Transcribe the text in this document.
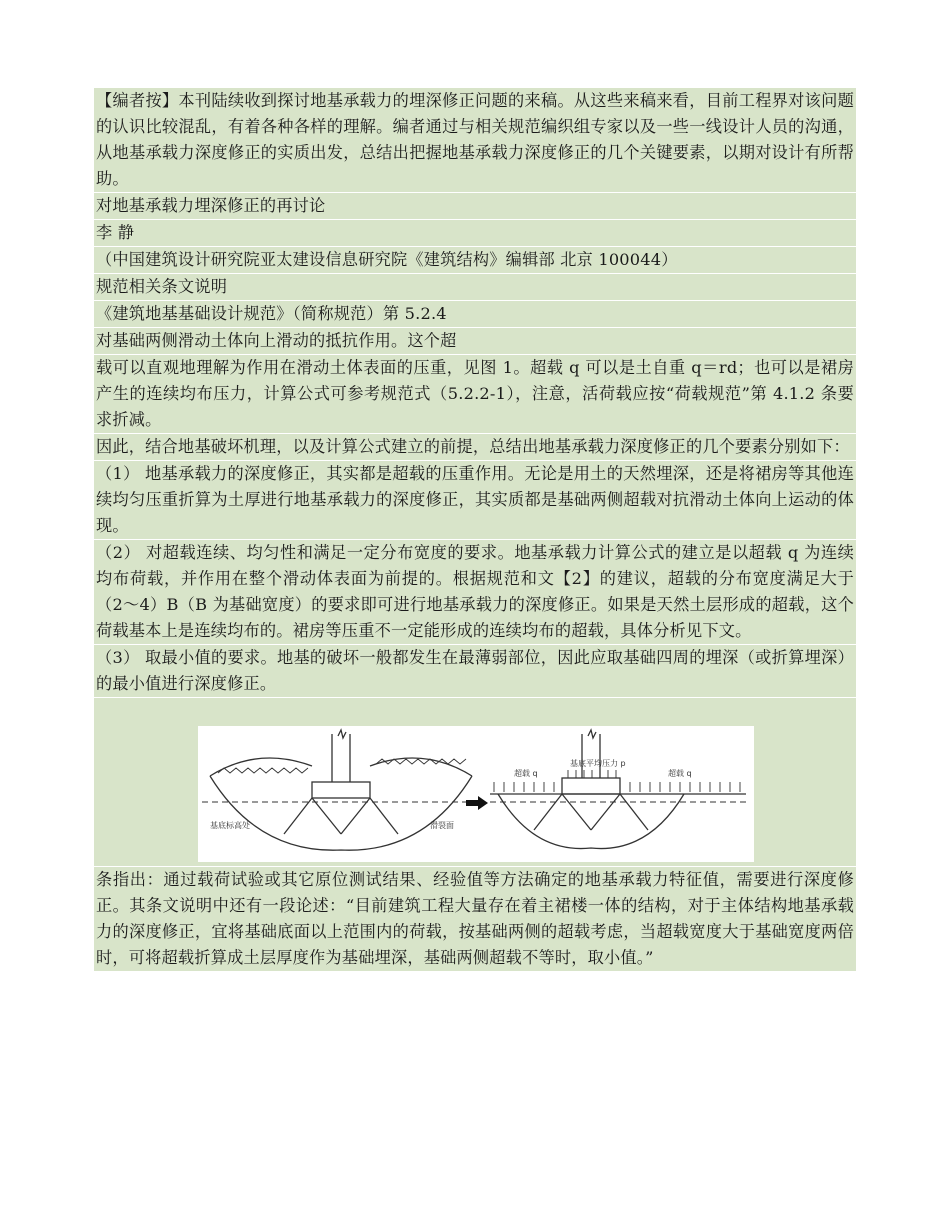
【编者按】本刊陆续收到探讨地基承载力的埋深修正问题的来稿。从这些来稿来看，目前工程界对该问题的认识比较混乱，有着各种各样的理解。编者通过与相关规范编织组专家以及一些一线设计人员的沟通，从地基承载力深度修正的实质出发，总结出把握地基承载力深度修正的几个关键要素，以期对设计有所帮助。
对地基承载力埋深修正的再讨论
李 静
（中国建筑设计研究院亚太建设信息研究院《建筑结构》编辑部 北京 100044）
规范相关条文说明
《建筑地基基础设计规范》（简称规范）第 5.2.4
对基础两侧滑动土体向上滑动的抵抗作用。这个超
载可以直观地理解为作用在滑动土体表面的压重，见图 1。超载 q 可以是土自重 q＝rd；也可以是裙房产生的连续均布压力，计算公式可参考规范式（5.2.2-1），注意，活荷载应按“荷载规范”第 4.1.2 条要求折减。
因此，结合地基破坏机理，以及计算公式建立的前提，总结出地基承载力深度修正的几个要素分别如下：
（1） 地基承载力的深度修正，其实都是超载的压重作用。无论是用土的天然埋深，还是将裙房等其他连续均匀压重折算为土厚进行地基承载力的深度修正，其实质都是基础两侧超载对抗滑动土体向上运动的体现。
（2） 对超载连续、均匀性和满足一定分布宽度的要求。地基承载力计算公式的建立是以超载 q 为连续均布荷载，并作用在整个滑动体表面为前提的。根据规范和文【2】的建议，超载的分布宽度满足大于（2～4）B（B 为基础宽度）的要求即可进行地基承载力的深度修正。如果是天然土层形成的超载，这个荷载基本上是连续均布的。裙房等压重不一定能形成的连续均布的超载，具体分析见下文。
（3） 取最小值的要求。地基的破坏一般都发生在最薄弱部位，因此应取基础四周的埋深（或折算埋深）的最小值进行深度修正。
基底标高处	滑裂面
超载 q
基底平均压力 p
超载 q
条指出：通过载荷试验或其它原位测试结果、经验值等方法确定的地基承载力特征值，需要进行深度修正。其条文说明中还有一段论述：“目前建筑工程大量存在着主裙楼一体的结构，对于主体结构地基承载力的深度修正，宜将基础底面以上范围内的荷载，按基础两侧的超载考虑，当超载宽度大于基础宽度两倍时，可将超载折算成土层厚度作为基础埋深，基础两侧超载不等时，取小值。”
